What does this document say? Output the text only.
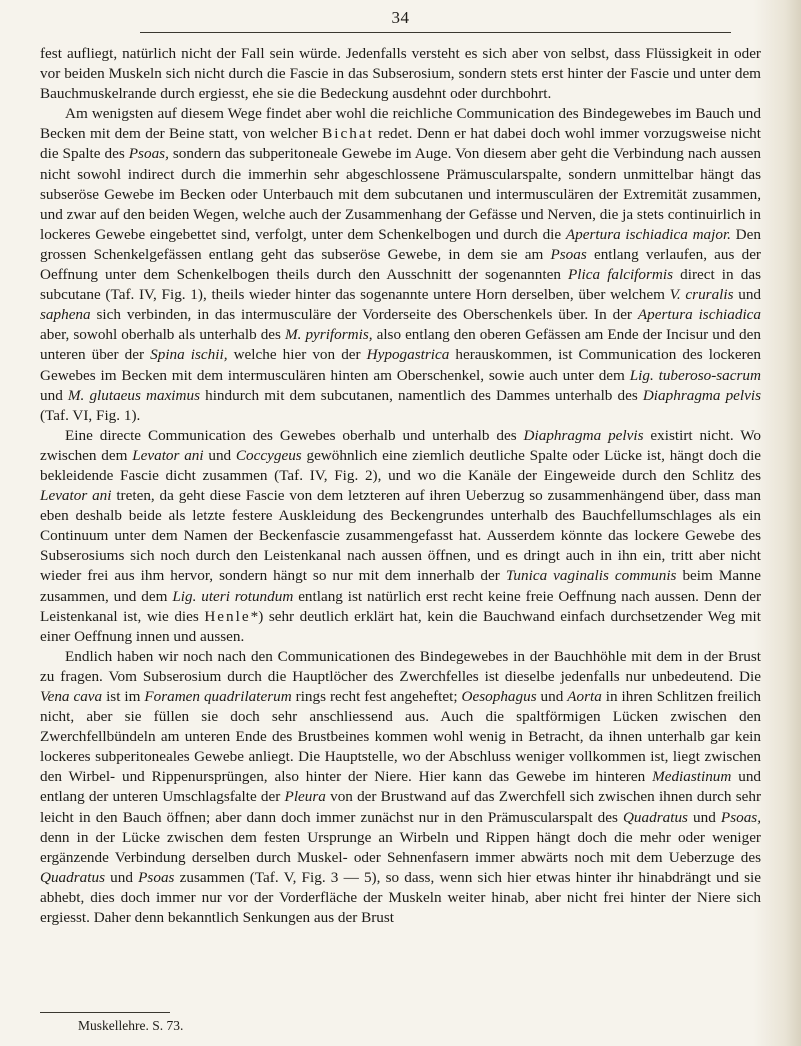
34

fest aufliegt, natürlich nicht der Fall sein würde. Jedenfalls versteht es sich aber von selbst, dass Flüssigkeit in oder vor beiden Muskeln sich nicht durch die Fascie in das Subserosium, sondern stets erst hinter der Fascie und unter dem Bauchmuskelrande durch ergiesst, ehe sie die Bedeckung ausdehnt oder durchbohrt.

Am wenigsten auf diesem Wege findet aber wohl die reichliche Communication des Bindegewebes im Bauch und Becken mit dem der Beine statt, von welcher Bichat redet. Denn er hat dabei doch wohl immer vorzugsweise nicht die Spalte des Psoas, sondern das subperitoneale Gewebe im Auge. Von diesem aber geht die Verbindung nach aussen nicht sowohl indirect durch die immerhin sehr abgeschlossene Prämuscularspalte, sondern unmittelbar hängt das subseröse Gewebe im Becken oder Unterbauch mit dem subcutanen und intermusculären der Extremität zusammen, und zwar auf den beiden Wegen, welche auch der Zusammenhang der Gefässe und Nerven, die ja stets continuirlich in lockeres Gewebe eingebettet sind, verfolgt, unter dem Schenkelbogen und durch die Apertura ischiadica major. Den grossen Schenkelgefässen entlang geht das subseröse Gewebe, in dem sie am Psoas entlang verlaufen, aus der Oeffnung unter dem Schenkelbogen theils durch den Ausschnitt der sogenannten Plica falciformis direct in das subcutane (Taf. IV, Fig. 1), theils wieder hinter das sogenannte untere Horn derselben, über welchem V. cruralis und saphena sich verbinden, in das intermusculäre der Vorderseite des Oberschenkels über. In der Apertura ischiadica aber, sowohl oberhalb als unterhalb des M. pyriformis, also entlang den oberen Gefässen am Ende der Incisur und den unteren über der Spina ischii, welche hier von der Hypogastrica herauskommen, ist Communication des lockeren Gewebes im Becken mit dem intermusculären hinten am Oberschenkel, sowie auch unter dem Lig. tuberoso-sacrum und M. glutaeus maximus hindurch mit dem subcutanen, namentlich des Dammes unterhalb des Diaphragma pelvis (Taf. VI, Fig. 1).

Eine directe Communication des Gewebes oberhalb und unterhalb des Diaphragma pelvis existirt nicht. Wo zwischen dem Levator ani und Coccygeus gewöhnlich eine ziemlich deutliche Spalte oder Lücke ist, hängt doch die bekleidende Fascie dicht zusammen (Taf. IV, Fig. 2), und wo die Kanäle der Eingeweide durch den Schlitz des Levator ani treten, da geht diese Fascie von dem letzteren auf ihren Ueberzug so zusammenhängend über, dass man eben deshalb beide als letzte festere Auskleidung des Beckengrundes unterhalb des Bauchfellumschlages als ein Continuum unter dem Namen der Beckenfascie zusammengefasst hat. Ausserdem könnte das lockere Gewebe des Subserosiums sich noch durch den Leistenkanal nach aussen öffnen, und es dringt auch in ihn ein, tritt aber nicht wieder frei aus ihm hervor, sondern hängt so nur mit dem innerhalb der Tunica vaginalis communis beim Manne zusammen, und dem Lig. uteri rotundum entlang ist natürlich erst recht keine freie Oeffnung nach aussen. Denn der Leistenkanal ist, wie dies Henle*) sehr deutlich erklärt hat, kein die Bauchwand einfach durchsetzender Weg mit einer Oeffnung innen und aussen.

Endlich haben wir noch nach den Communicationen des Bindegewebes in der Bauchhöhle mit dem in der Brust zu fragen. Vom Subserosium durch die Hauptlöcher des Zwerchfelles ist dieselbe jedenfalls nur unbedeutend. Die Vena cava ist im Foramen quadrilaterum rings recht fest angeheftet; Oesophagus und Aorta in ihren Schlitzen freilich nicht, aber sie füllen sie doch sehr anschliessend aus. Auch die spaltförmigen Lücken zwischen den Zwerchfellbündeln am unteren Ende des Brustbeines kommen wohl wenig in Betracht, da ihnen unterhalb gar kein lockeres subperitoneales Gewebe anliegt. Die Hauptstelle, wo der Abschluss weniger vollkommen ist, liegt zwischen den Wirbel- und Rippenursprüngen, also hinter der Niere. Hier kann das Gewebe im hinteren Mediastinum und entlang der unteren Umschlagsfalte der Pleura von der Brustwand auf das Zwerchfell sich zwischen ihnen durch sehr leicht in den Bauch öffnen; aber dann doch immer zunächst nur in den Prämuscularspalt des Quadratus und Psoas, denn in der Lücke zwischen dem festen Ursprunge an Wirbeln und Rippen hängt doch die mehr oder weniger ergänzende Verbindung derselben durch Muskel- oder Sehnenfasern immer abwärts noch mit dem Ueberzuge des Quadratus und Psoas zusammen (Taf. V, Fig. 3 — 5), so dass, wenn sich hier etwas hinter ihr hinabdrängt und sie abhebt, dies doch immer nur vor der Vorderfläche der Muskeln weiter hinab, aber nicht frei hinter der Niere sich ergiesst. Daher denn bekanntlich Senkungen aus der Brust

Muskellehre. S. 73.
